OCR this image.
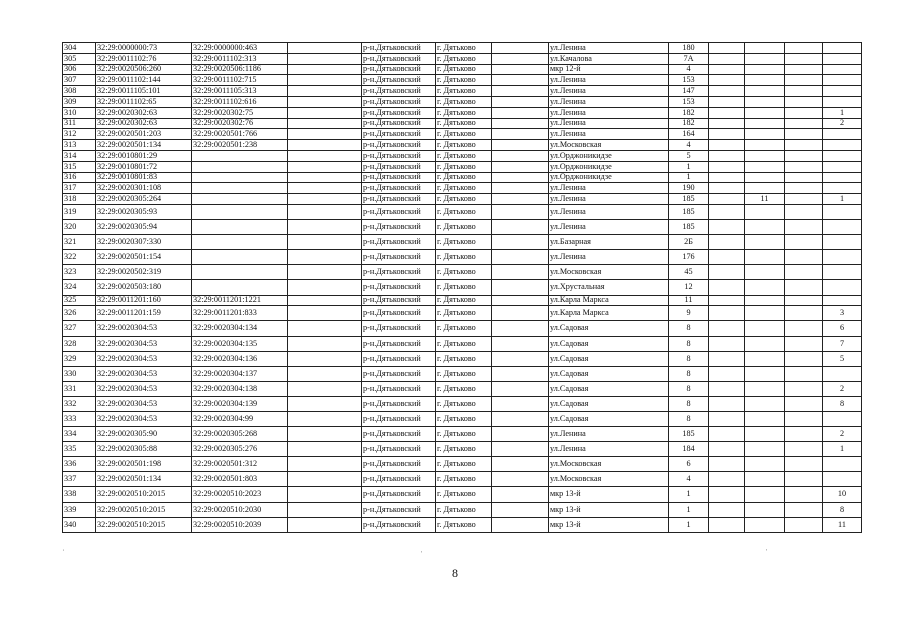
304	32:29:0000000:73	32:29:0000000:463		р-н.Дятьковский	г. Дятьково		ул.Ленина	180				
305	32:29:0011102:76	32:29:0011102:313		р-н.Дятьковский	г. Дятьково		ул.Качалова	7А				
306	32:29:0020506:260	32:29:0020506:1186		р-н.Дятьковский	г. Дятьково		мкр 12-й	4				
307	32:29:0011102:144	32:29:0011102:715		р-н.Дятьковский	г. Дятьково		ул.Ленина	153				
308	32:29:0011105:101	32:29:0011105:313		р-н.Дятьковский	г. Дятьково		ул.Ленина	147				
309	32:29:0011102:65	32:29:0011102:616		р-н.Дятьковский	г. Дятьково		ул.Ленина	153				
310	32:29:0020302:63	32:29:0020302:75		р-н.Дятьковский	г. Дятьково		ул.Ленина	182				1
311	32:29:0020302:63	32:29:0020302:76		р-н.Дятьковский	г. Дятьково		ул.Ленина	182				2
312	32:29:0020501:203	32:29:0020501:766		р-н.Дятьковский	г. Дятьково		ул.Ленина	164				
313	32:29:0020501:134	32:29:0020501:238		р-н.Дятьковский	г. Дятьково		ул.Московская	4				
314	32:29:0010801:29			р-н.Дятьковский	г. Дятьково		ул.Орджоникидзе	5				
315	32:29:0010801:72			р-н.Дятьковский	г. Дятьково		ул.Орджоникидзе	1				
316	32:29:0010801:83			р-н.Дятьковский	г. Дятьково		ул.Орджоникидзе	1				
317	32:29:0020301:108			р-н.Дятьковский	г. Дятьково		ул.Ленина	190				
318	32:29:0020305:264			р-н.Дятьковский	г. Дятьково		ул.Ленина	185		11		1
319	32:29:0020305:93			р-н.Дятьковский	г. Дятьково		ул.Ленина	185				
320	32:29:0020305:94			р-н.Дятьковский	г. Дятьково		ул.Ленина	185				
321	32:29:0020307:330			р-н.Дятьковский	г. Дятьково		ул.Базарная	2Б				
322	32:29:0020501:154			р-н.Дятьковский	г. Дятьково		ул.Ленина	176				
323	32:29:0020502:319			р-н.Дятьковский	г. Дятьково		ул.Московская	45				
324	32:29:0020503:180			р-н.Дятьковский	г. Дятьково		ул.Хрустальная	12				
325	32:29:0011201:160	32:29:0011201:1221		р-н.Дятьковский	г. Дятьково		ул.Карла Маркса	11				
326	32:29:0011201:159	32:29:0011201:833		р-н.Дятьковский	г. Дятьково		ул.Карла Маркса	9				3
327	32:29:0020304:53	32:29:0020304:134		р-н.Дятьковский	г. Дятьково		ул.Садовая	8				6
328	32:29:0020304:53	32:29:0020304:135		р-н.Дятьковский	г. Дятьково		ул.Садовая	8				7
329	32:29:0020304:53	32:29:0020304:136		р-н.Дятьковский	г. Дятьково		ул.Садовая	8				5
330	32:29:0020304:53	32:29:0020304:137		р-н.Дятьковский	г. Дятьково		ул.Садовая	8				
331	32:29:0020304:53	32:29:0020304:138		р-н.Дятьковский	г. Дятьково		ул.Садовая	8				2
332	32:29:0020304:53	32:29:0020304:139		р-н.Дятьковский	г. Дятьково		ул.Садовая	8				8
333	32:29:0020304:53	32:29:0020304:99		р-н.Дятьковский	г. Дятьково		ул.Садовая	8				
334	32:29:0020305:90	32:29:0020305:268		р-н.Дятьковский	г. Дятьково		ул.Ленина	185				2
335	32:29:0020305:88	32:29:0020305:276		р-н.Дятьковский	г. Дятьково		ул.Ленина	184				1
336	32:29:0020501:198	32:29:0020501:312		р-н.Дятьковский	г. Дятьково		ул.Московская	6				
337	32:29:0020501:134	32:29:0020501:803		р-н.Дятьковский	г. Дятьково		ул.Московская	4				
338	32:29:0020510:2015	32:29:0020510:2023		р-н.Дятьковский	г. Дятьково		мкр 13-й	1				10
339	32:29:0020510:2015	32:29:0020510:2030		р-н.Дятьковский	г. Дятьково		мкр 13-й	1				8
340	32:29:0020510:2015	32:29:0020510:2039		р-н.Дятьковский	г. Дятьково		мкр 13-й	1				11
8
˙	ˈ	ˈ
